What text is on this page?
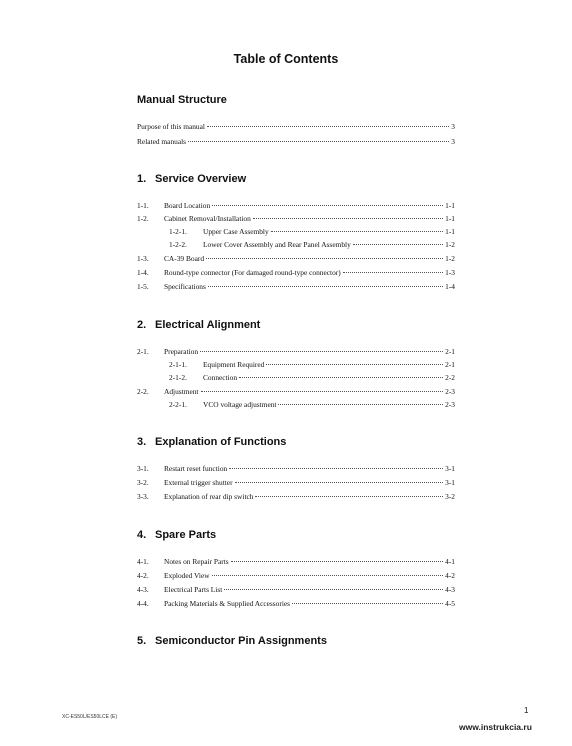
Table of Contents
Manual Structure
Purpose of this manual	3
Related manuals	3
1. Service Overview
1-1.	Board Location	1-1
1-2.	Cabinet Removal/Installation	1-1
1-2-1.	Upper Case Assembly	1-1
1-2-2.	Lower Cover Assembly and Rear Panel Assembly	1-2
1-3.	CA-39 Board	1-2
1-4.	Round-type connector (For damaged round-type connector)	1-3
1-5.	Specifications	1-4
2. Electrical Alignment
2-1.	Preparation	2-1
2-1-1.	Equipment Required	2-1
2-1-2.	Connection	2-2
2-2.	Adjustment	2-3
2-2-1.	VCO voltage adjustment	2-3
3. Explanation of Functions
3-1.	Restart reset function	3-1
3-2.	External trigger shutter	3-1
3-3.	Explanation of rear dip switch	3-2
4. Spare Parts
4-1.	Notes on Repair Parts	4-1
4-2.	Exploded View	4-2
4-3.	Electrical Parts List	4-3
4-4.	Packing Materials & Supplied Accessories	4-5
5. Semiconductor Pin Assignments
XC-ES50L/ES50LCE (E)
1
www.instrukcia.ru
